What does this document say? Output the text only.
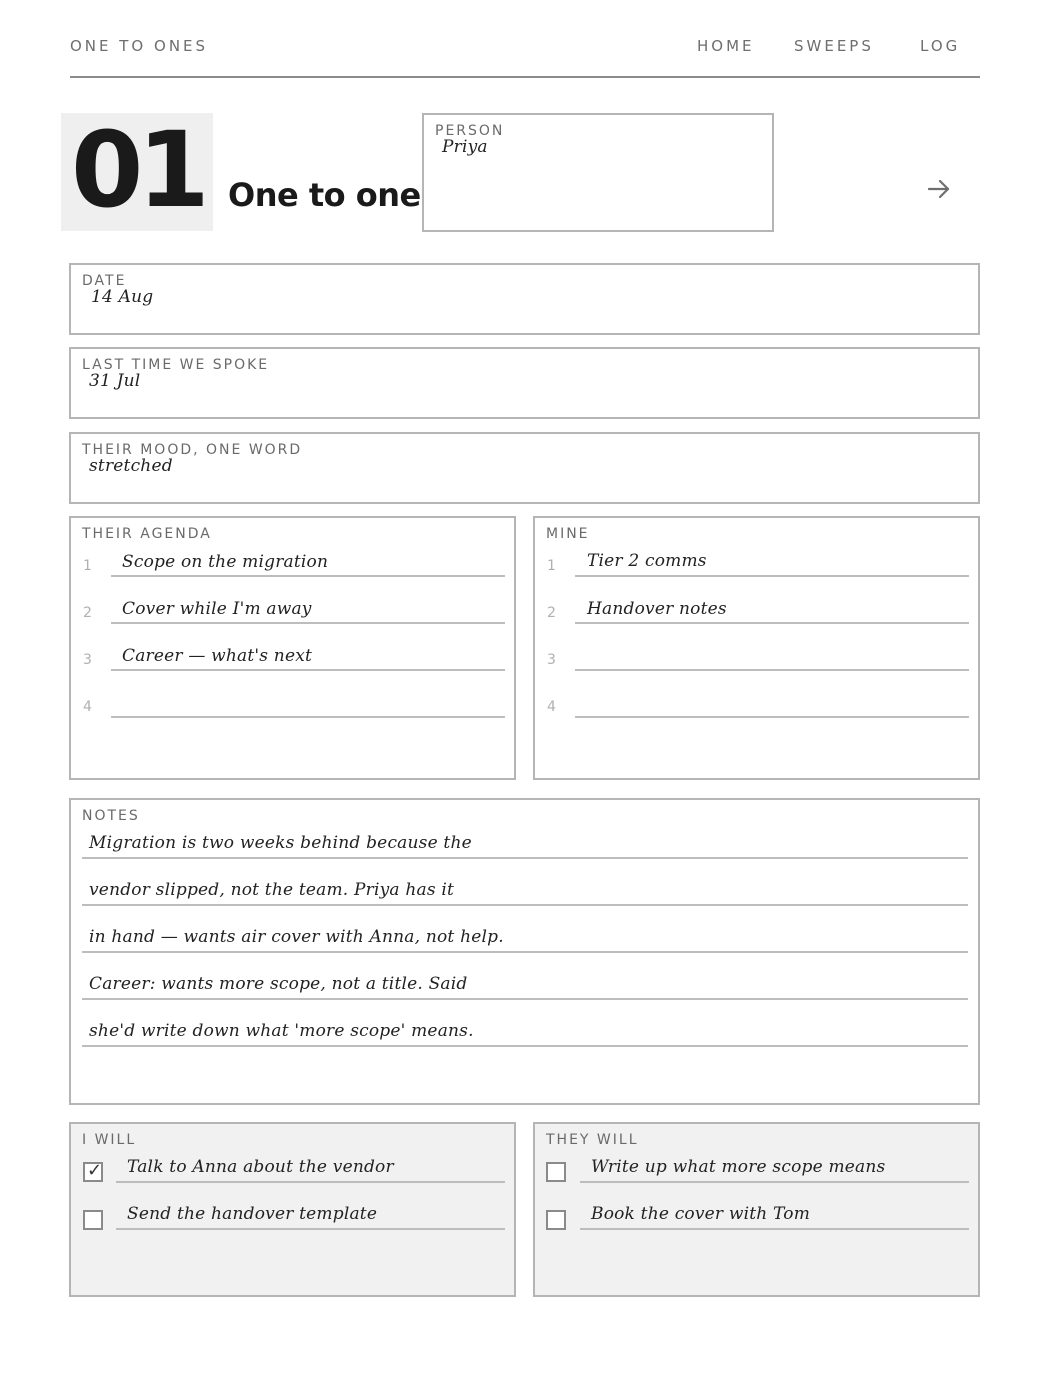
ONE TO ONES	HOME	SWEEPS	LOG
01 One to one
PERSON
Priya
DATE
14 Aug
LAST TIME WE SPOKE
31 Jul
THEIR MOOD, ONE WORD
stretched
THEIR AGENDA
1 Scope on the migration
2 Cover while I'm away
3 Career — what's next
4
MINE
1 Tier 2 comms
2 Handover notes
3
4
NOTES
Migration is two weeks behind because the
vendor slipped, not the team. Priya has it
in hand — wants air cover with Anna, not help.
Career: wants more scope, not a title. Said
she'd write down what 'more scope' means.
I WILL
✓ Talk to Anna about the vendor
Send the handover template
THEY WILL
Write up what more scope means
Book the cover with Tom
